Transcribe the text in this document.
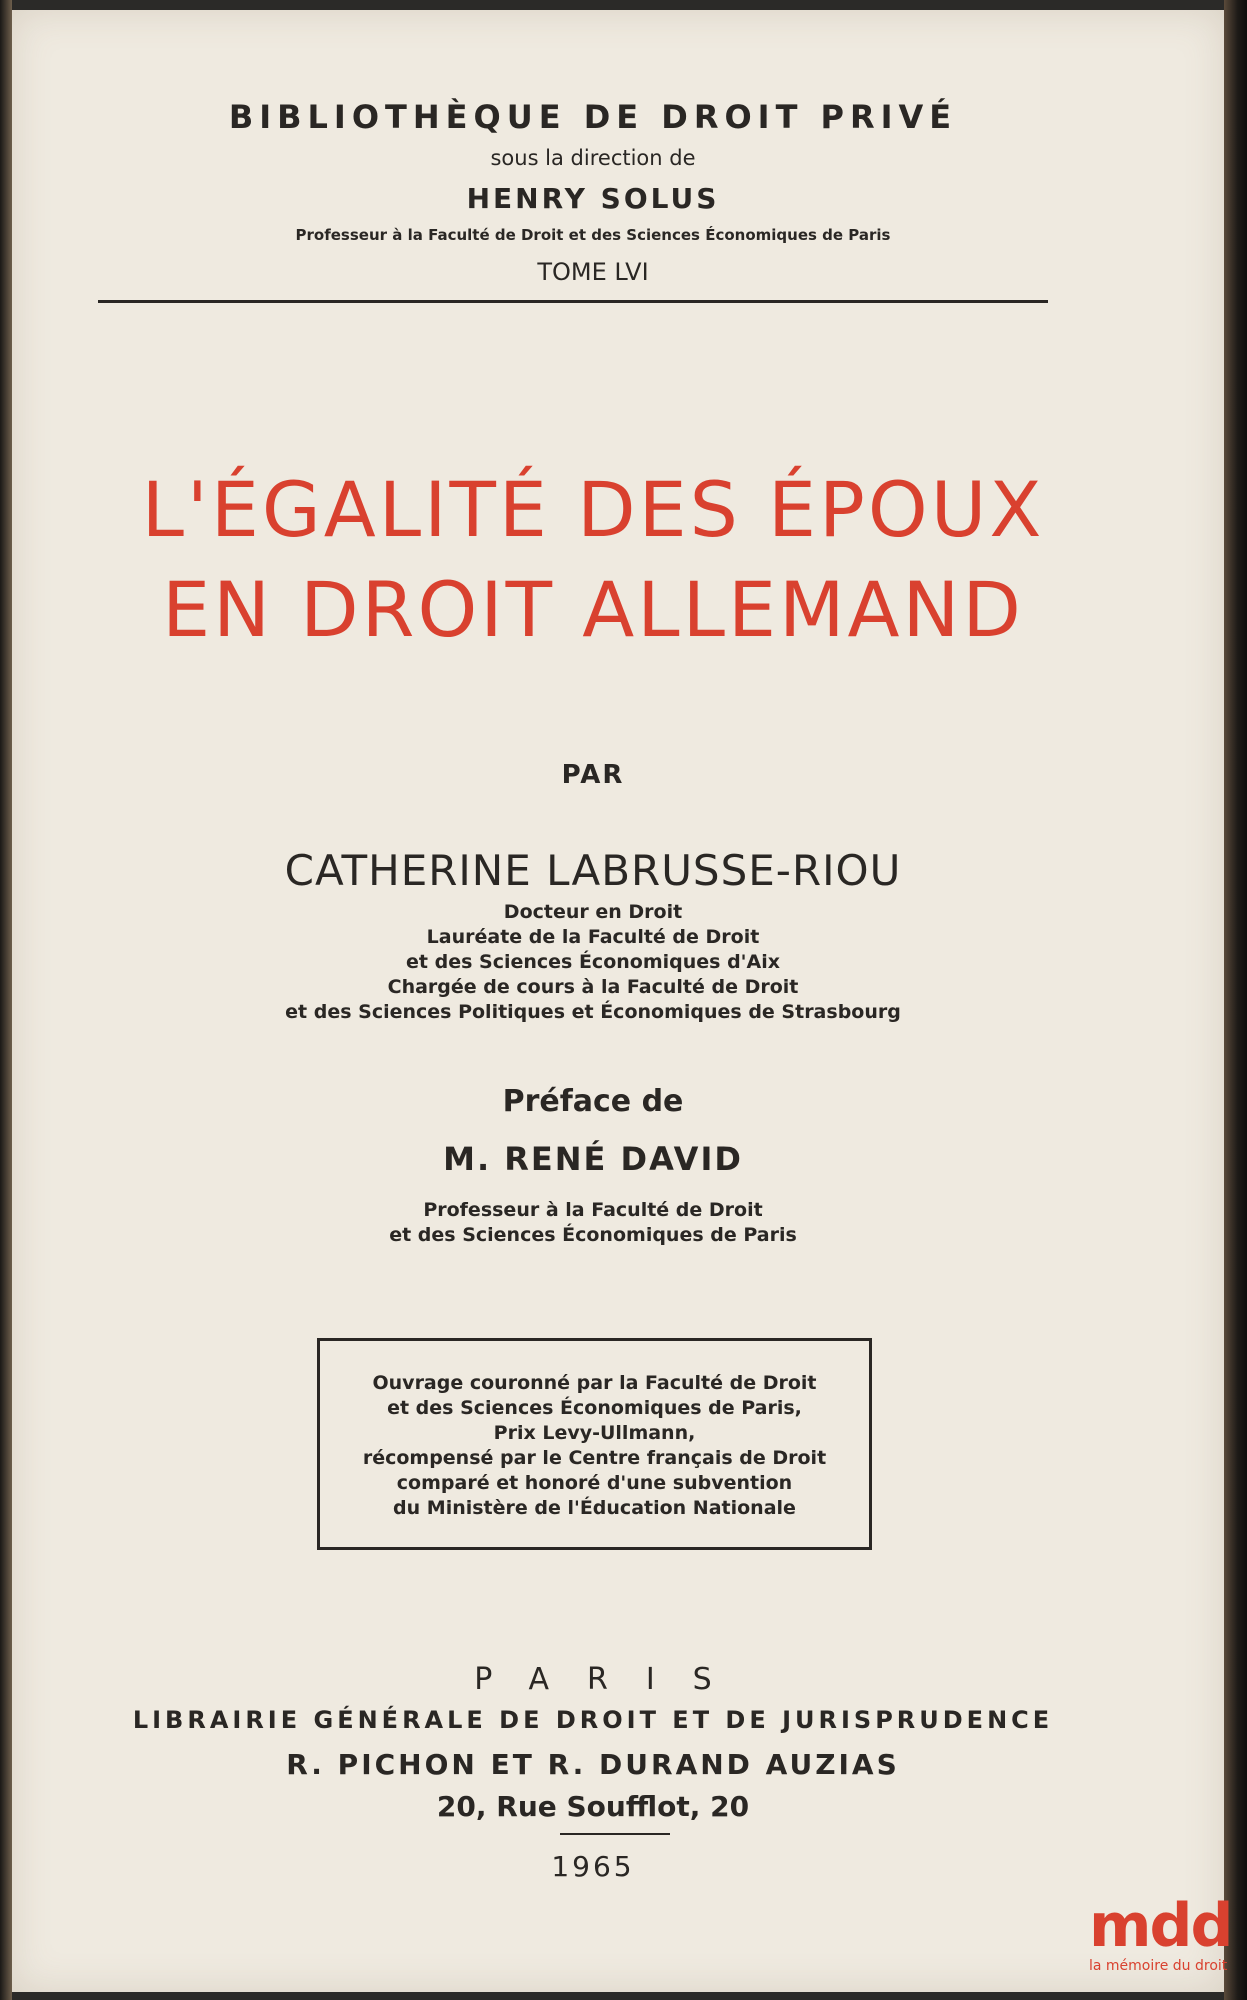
BIBLIOTHÈQUE DE DROIT PRIVÉ

sous la direction de

HENRY SOLUS

Professeur à la Faculté de Droit et des Sciences Économiques de Paris

TOME LVI

L'ÉGALITÉ DES ÉPOUX
EN DROIT ALLEMAND

PAR

CATHERINE LABRUSSE-RIOU

Docteur en Droit
Lauréate de la Faculté de Droit
et des Sciences Économiques d'Aix
Chargée de cours à la Faculté de Droit
et des Sciences Politiques et Économiques de Strasbourg

Préface de

M. RENÉ DAVID

Professeur à la Faculté de Droit
et des Sciences Économiques de Paris
Ouvrage couronné par la Faculté de Droit
et des Sciences Économiques de Paris,
Prix Levy-Ullmann,
récompensé par le Centre français de Droit
comparé et honoré d'une subvention
du Ministère de l'Éducation Nationale

PARIS

LIBRAIRIE GÉNÉRALE DE DROIT ET DE JURISPRUDENCE

R. PICHON ET R. DURAND AUZIAS

20, Rue Soufflot, 20

1965

mdd
la mémoire du droit
